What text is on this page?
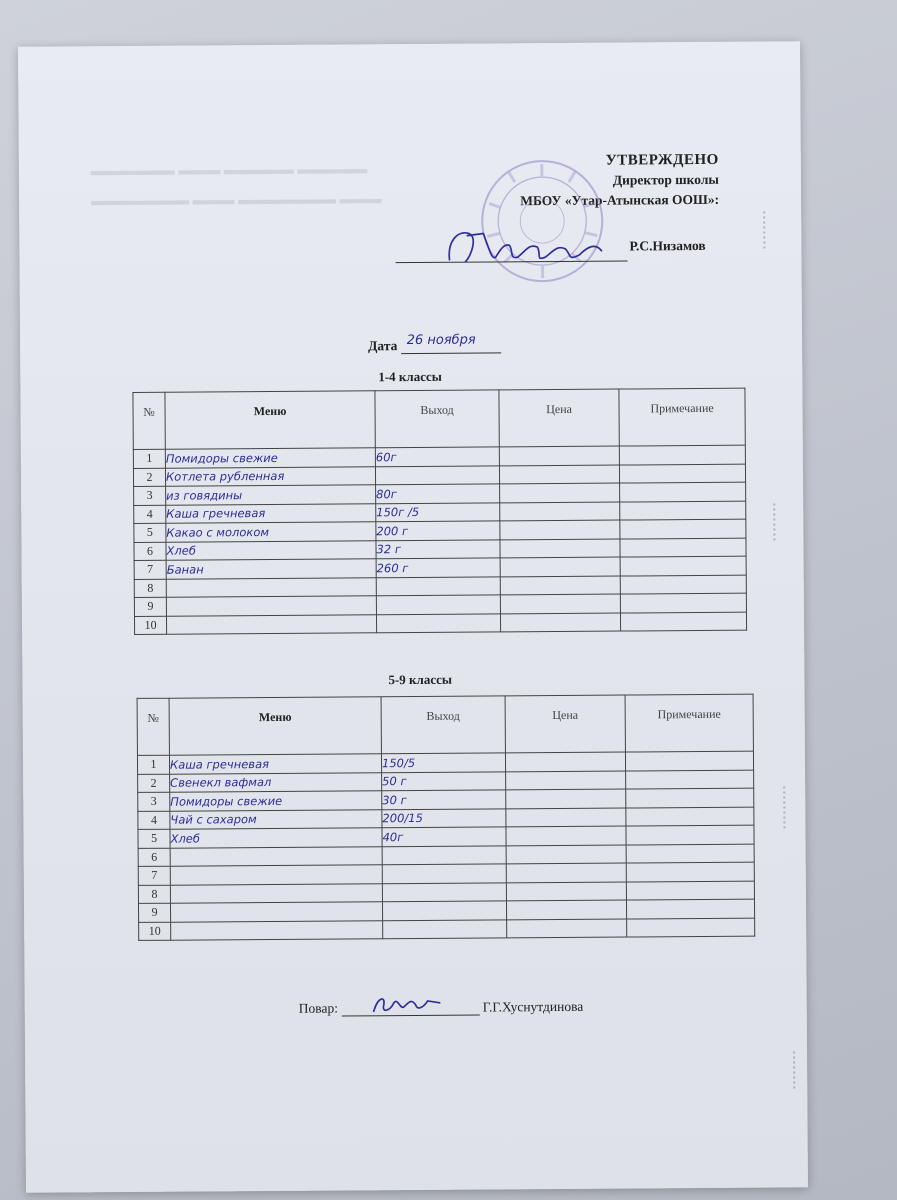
▬▬▬▬▬▬ ▬▬▬ ▬▬▬▬▬ ▬▬▬▬▬
▬▬▬▬▬▬▬ ▬▬▬ ▬▬▬▬▬▬▬ ▬▬▬
УТВЕРЖДЕНО
Директор школы
МБОУ «Утар-Атынская ООШ»:
Р.С.Низамов
Дата 26 ноября
1-4 классы
№	Меню	Выход	Цена	Примечание
1	Помидоры свежие	60г		
2	Котлета рубленная			
3	из говядины	80г		
4	Каша гречневая	150г /5		
5	Какао с молоком	200 г		
6	Хлеб	32 г		
7	Банан	260 г		
8				
9				
10				
5-9 классы
№	Меню	Выход	Цена	Примечание
1	Каша гречневая	150/5		
2	Свенекл вафмал	50 г		
3	Помидоры свежие	30 г		
4	Чай с сахаром	200/15		
5	Хлеб	40г		
6				
7				
8				
9				
10				
Повар:	Г.Г.Хуснутдинова
